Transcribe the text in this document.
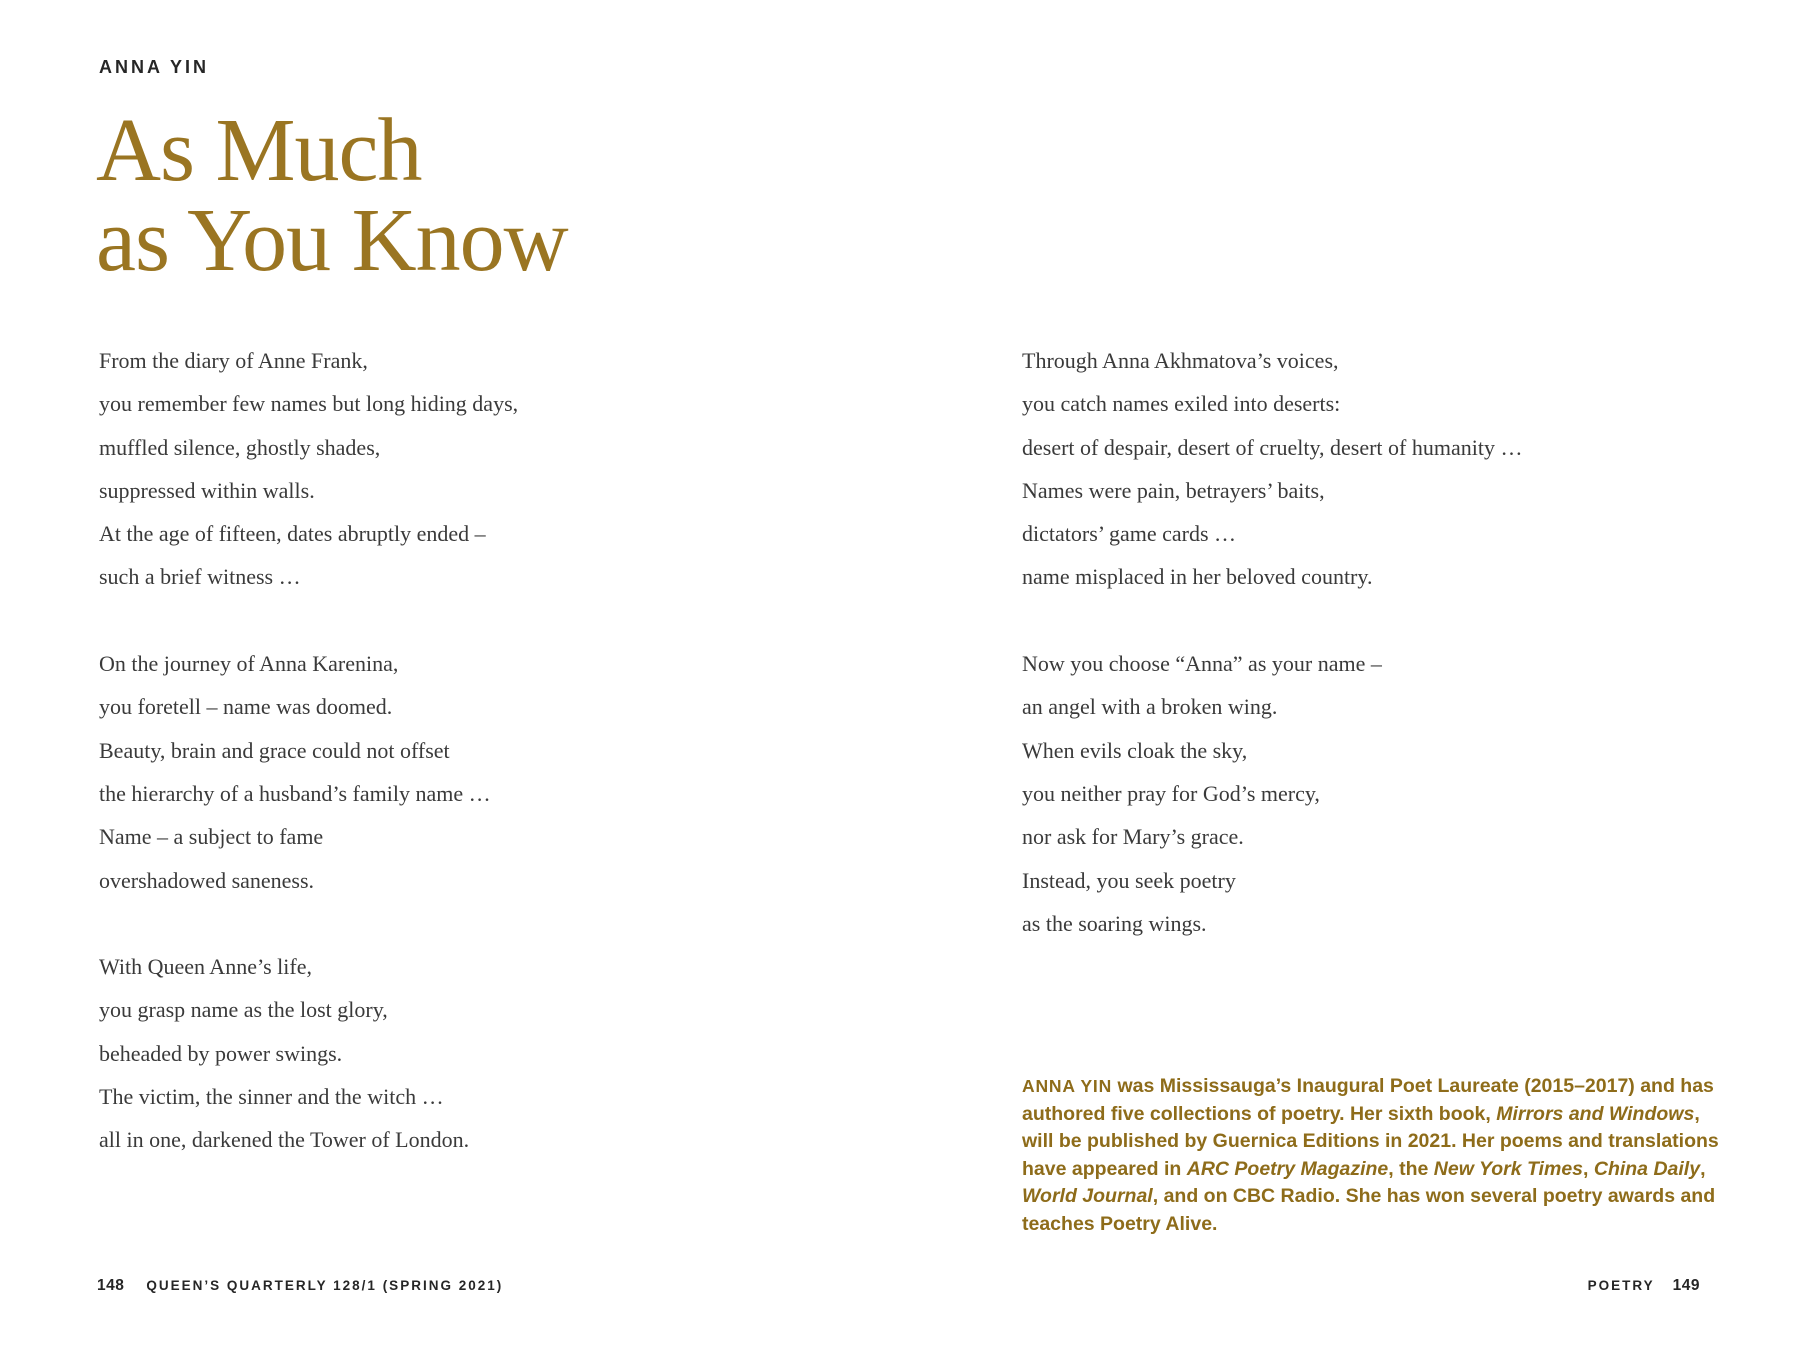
ANNA YIN
As Much
as You Know
From the diary of Anne Frank,
you remember few names but long hiding days,
muffled silence, ghostly shades,
suppressed within walls.
At the age of fifteen, dates abruptly ended –
such a brief witness …
On the journey of Anna Karenina,
you foretell – name was doomed.
Beauty, brain and grace could not offset
the hierarchy of a husband’s family name …
Name – a subject to fame
overshadowed saneness.
With Queen Anne’s life,
you grasp name as the lost glory,
beheaded by power swings.
The victim, the sinner and the witch …
all in one, darkened the Tower of London.
Through Anna Akhmatova’s voices,
you catch names exiled into deserts:
desert of despair, desert of cruelty, desert of humanity …
Names were pain, betrayers’ baits,
dictators’ game cards …
name misplaced in her beloved country.
Now you choose “Anna” as your name –
an angel with a broken wing.
When evils cloak the sky,
you neither pray for God’s mercy,
nor ask for Mary’s grace.
Instead, you seek poetry
as the soaring wings.
ANNA YIN was Mississauga’s Inaugural Poet Laureate (2015–2017) and has
authored five collections of poetry. Her sixth book, Mirrors and Windows,
will be published by Guernica Editions in 2021. Her poems and translations
have appeared in ARC Poetry Magazine, the New York Times, China Daily,
World Journal, and on CBC Radio. She has won several poetry awards and
teaches Poetry Alive.
148 QUEEN’S QUARTERLY 128/1 (SPRING 2021)	POETRY 149
